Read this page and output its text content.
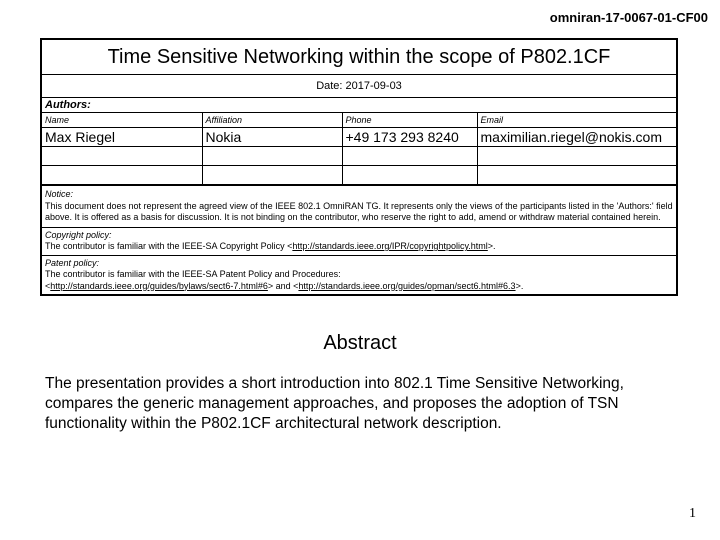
omniran-17-0067-01-CF00
Time Sensitive Networking within the scope of P802.1CF
Date: 2017-09-03
Authors:
Name	Affiliation	Phone	Email
Max Riegel	Nokia	+49 173 293 8240	maximilian.riegel@nokis.com

Notice:
This document does not represent the agreed view of the IEEE 802.1 OmniRAN TG. It represents only the views of the participants listed in the 'Authors:' field above. It is offered as a basis for discussion. It is not binding on the contributor, who reserve the right to add, amend or withdraw material contained herein.
Copyright policy:
The contributor is familiar with the IEEE-SA Copyright Policy <http://standards.ieee.org/IPR/copyrightpolicy.html>.
Patent policy:
The contributor is familiar with the IEEE-SA Patent Policy and Procedures:
<http://standards.ieee.org/guides/bylaws/sect6-7.html#6> and <http://standards.ieee.org/guides/opman/sect6.html#6.3>.
Abstract
The presentation provides a short introduction into 802.1 Time Sensitive Networking, compares the generic management approaches, and proposes the adoption of TSN functionality within the P802.1CF architectural network description.
1
